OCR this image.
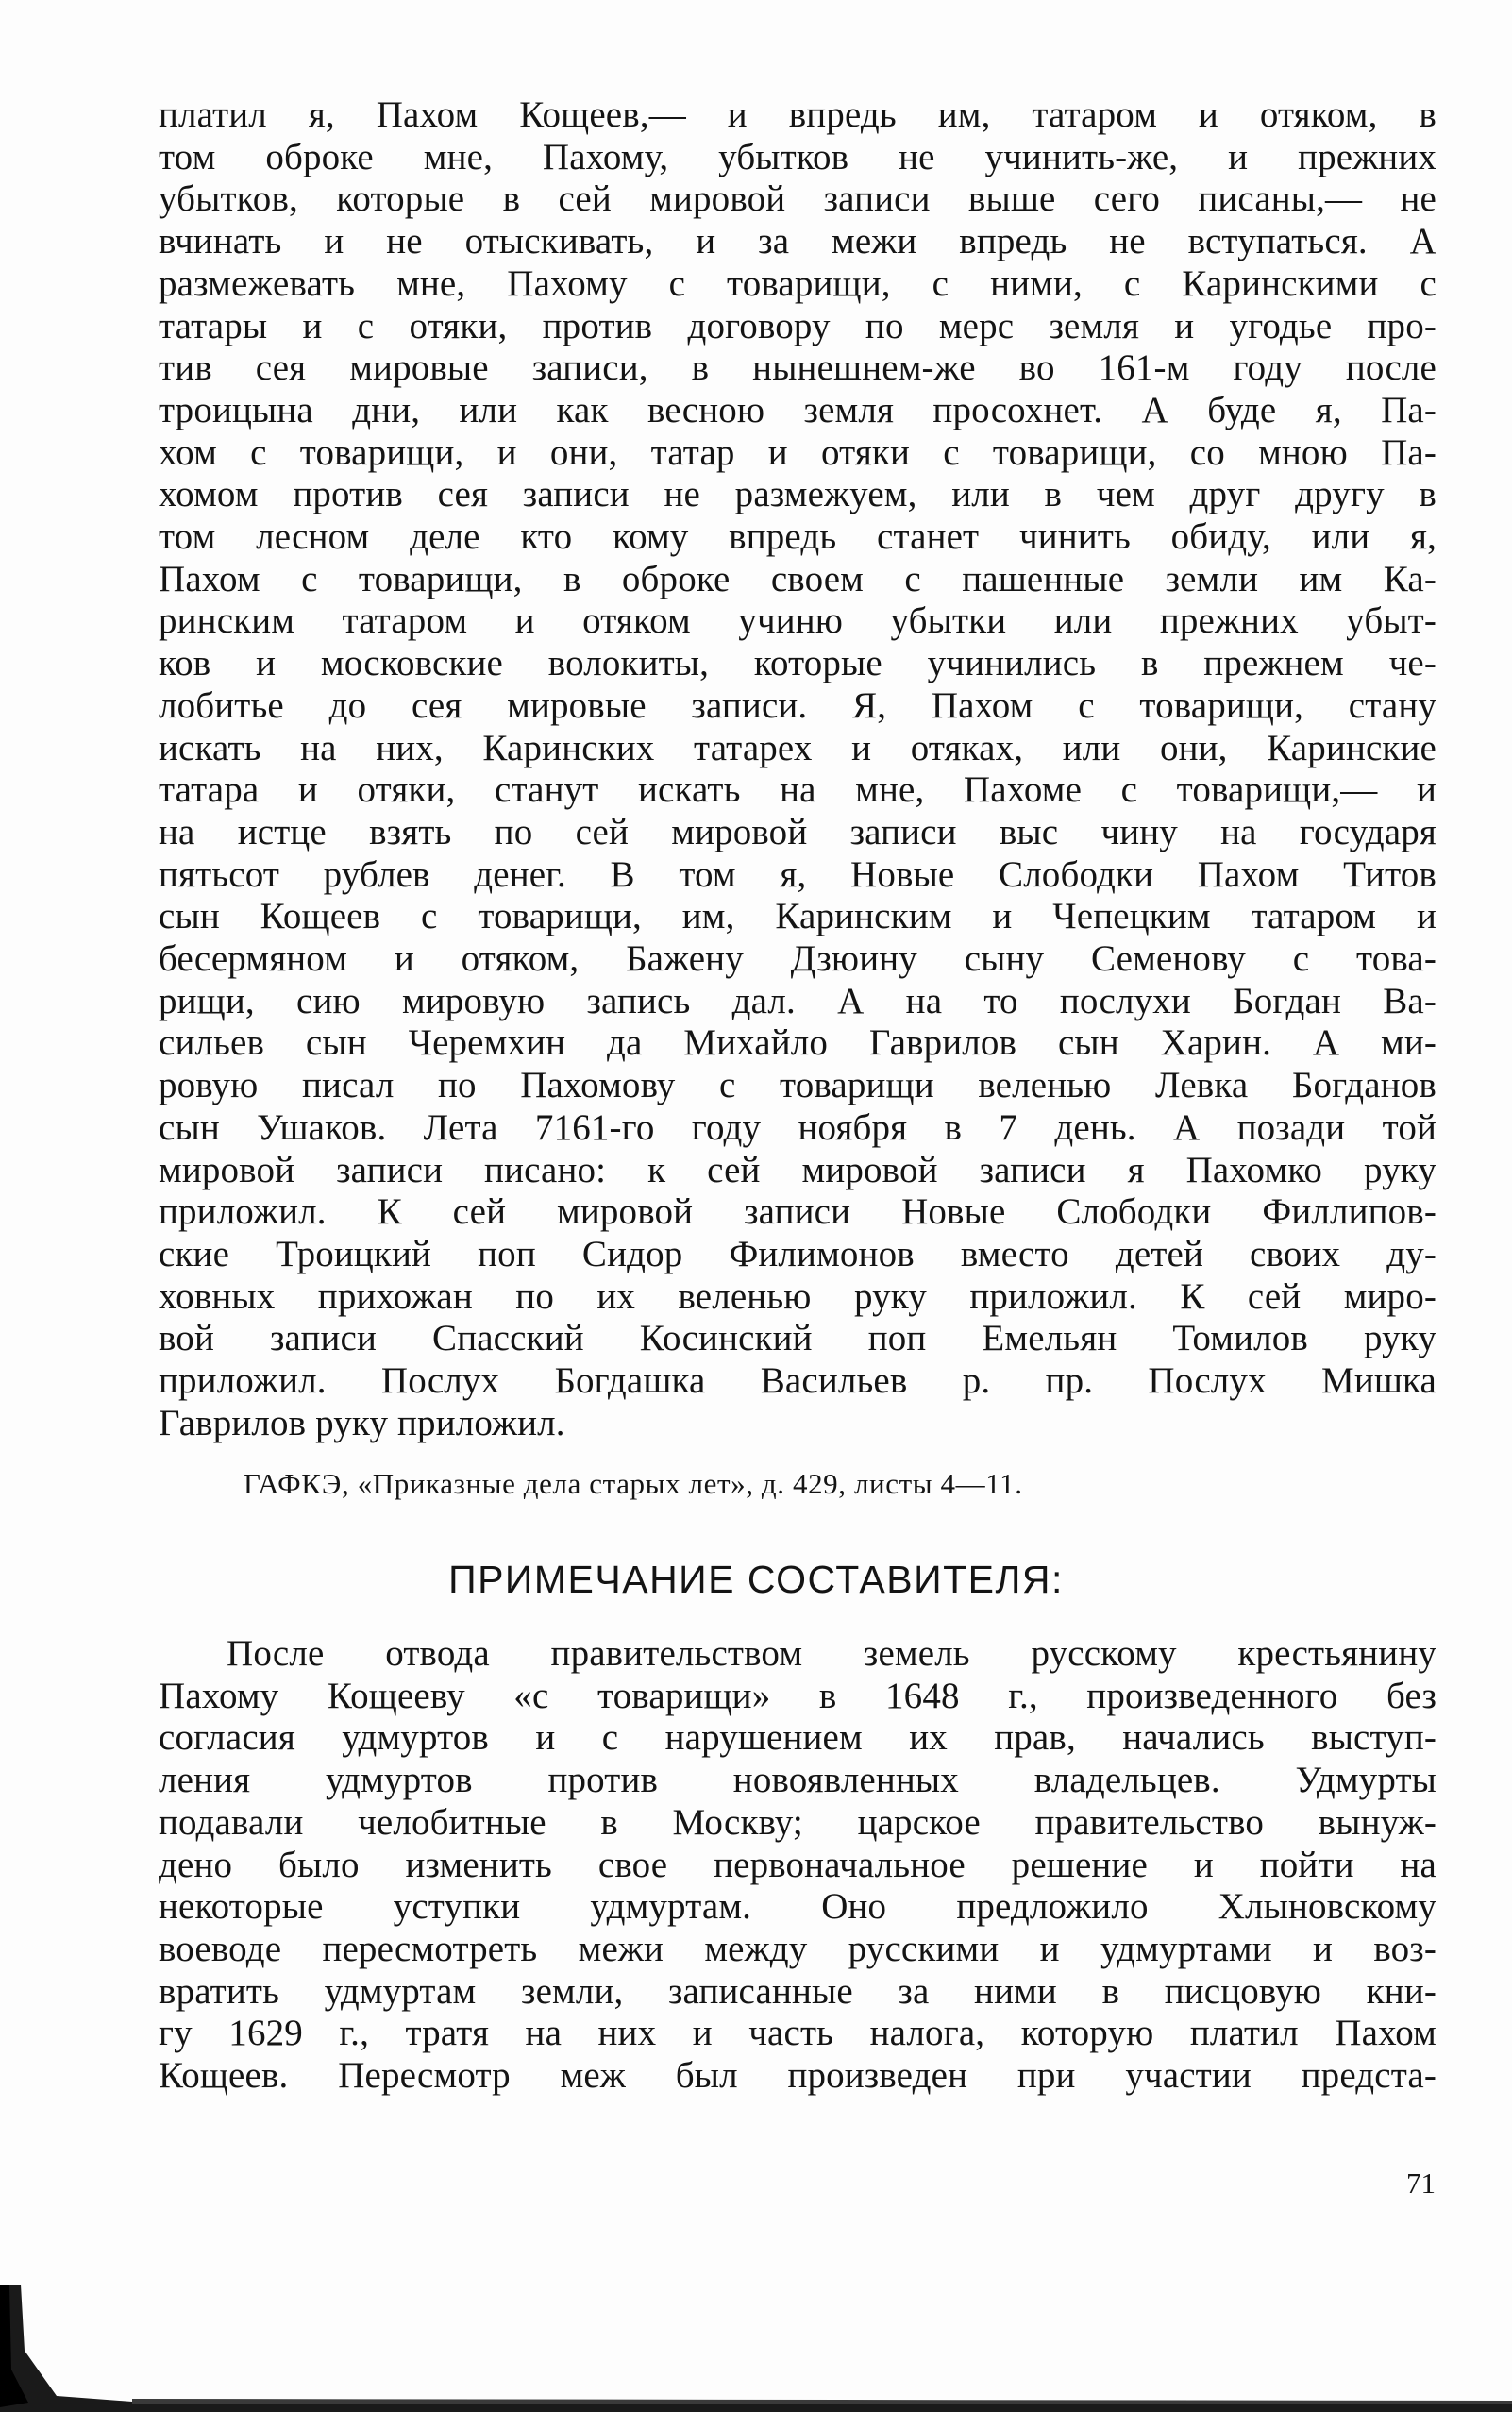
платил я, Пахом Кощеев,— и впредь им, татаром и отяком, в
том оброке мне, Пахому, убытков не учинить-же, и прежних
убытков, которые в сей мировой записи выше сего писаны,— не
вчинать и не отыскивать, и за межи впредь не вступаться. А
размежевать мне, Пахому с товарищи, с ними, с Каринскими с
татары и с отяки, против договору по мерс земля и угодье про-
тив сея мировые записи, в нынешнем-же во 161-м году после
троицына дни, или как весною земля просохнет. А буде я, Па-
хом с товарищи, и они, татар и отяки с товарищи, со мною Па-
хомом против сея записи не размежуем, или в чем друг другу в
том лесном деле кто кому впредь станет чинить обиду, или я,
Пахом с товарищи, в оброке своем с пашенные земли им Ка-
ринским татаром и отяком учиню убытки или прежних убыт-
ков и московские волокиты, которые учинились в прежнем че-
лобитье до сея мировые записи. Я, Пахом с товарищи, стану
искать на них, Каринских татарех и отяках, или они, Каринские
татара и отяки, станут искать на мне, Пахоме с товарищи,— и
на истце взять по сей мировой записи выс чину на государя
пятьсот рублев денег. В том я, Новые Слободки Пахом Титов
сын Кощеев с товарищи, им, Каринским и Чепецким татаром и
бесермяном и отяком, Бажену Дзюину сыну Семенову с това-
рищи, сию мировую запись дал. А на то послухи Богдан Ва-
сильев сын Черемхин да Михайло Гаврилов сын Харин. А ми-
ровую писал по Пахомову с товарищи веленью Левка Богданов
сын Ушаков. Лета 7161-го году ноября в 7 день. А позади той
мировой записи писано: к сей мировой записи я Пахомко руку
приложил. К сей мировой записи Новые Слободки Филлипов-
ские Троицкий поп Сидор Филимонов вместо детей своих ду-
ховных прихожан по их веленью руку приложил. К сей миро-
вой записи Спасский Косинский поп Емельян Томилов руку
приложил. Послух Богдашка Васильев р. пр. Послух Мишка
Гаврилов руку приложил.
ГАФКЭ, «Приказные дела старых лет», д. 429, листы 4—11.
ПРИМЕЧАНИЕ СОСТАВИТЕЛЯ:
После отвода правительством земель русскому крестьянину
Пахому Кощееву «с товарищи» в 1648 г., произведенного без
согласия удмуртов и с нарушением их прав, начались выступ-
ления удмуртов против новоявленных владельцев. Удмурты
подавали челобитные в Москву; царское правительство вынуж-
дено было изменить свое первоначальное решение и пойти на
некоторые уступки удмуртам. Оно предложило Хлыновскому
воеводе пересмотреть межи между русскими и удмуртами и воз-
вратить удмуртам земли, записанные за ними в писцовую кни-
гу 1629 г., тратя на них и часть налога, которую платил Пахом
Кощеев. Пересмотр меж был произведен при участии предста-
71
